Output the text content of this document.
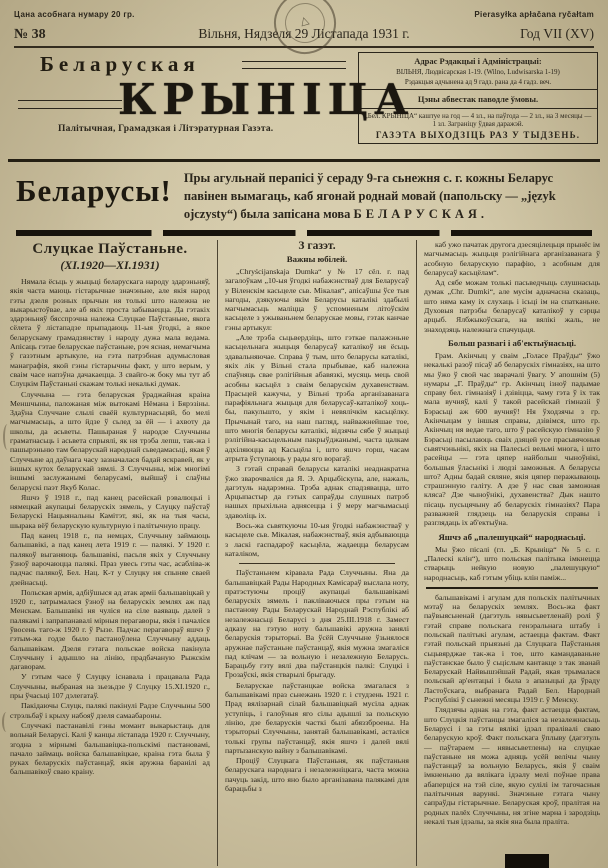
Цана асобнага нумару 20 гр.	Pierasyłka apłačana ryčałtam
№ 38	Вільня, Нядзеля 29 Лістапада 1931 г.	Год VII (XV)
△
Беларуская
КРЫНІЦА
Палітычная, Грамадзкая і Літэратурная Газэта.
Адрас Рэдакцыі і Адміністрацыі:
ВІЛЬНЯ, Людвісарская 1-19. (Wilno, Ludwisarska 1-19)
Рэдакцыя адчынена ад 9 гадз. рана да 4 гадз. веч.
Цэны абвестак паводле ўмовы.
„Бел. КРЫНІЦА“ каштуе на год — 4 зл., на паўгода — 2 зл., на 3 месяцы — 1 зл. Заграніцу ўдвая даражэй.
ГАЗЭТА ВЫХОДЗІЦЬ РАЗ У ТЫДЗЕНЬ.
Беларусы! Пры агульнай перапісі ў сераду 9-га сьнежня с. г. кожны Беларус павінен вымагаць, каб ягонай роднай мовай (папольску — „język ojczysty“) была запісана мова БЕЛАРУСКАЯ.
Слуцкае Паўстаньне.
(XI.1920—XI.1931)

Нямала ёсьць у жыцьці беларускага народу здарэньняў, якія часта маюць гістарычнае значэньне, але якія народ гэты дзеля розных прычын ня толькі што належна не выкарыстоўвае, але аб якіх проста забываецца. Да гэтакіх здарэньняў бясспрэчна належа Слуцкае Паўстаньне, якога сёлета ў лістападзе прыпадаюць 11-ыя ўгодкі, а якое беларускаму грамадзянству і народу дужа мала ведама. Апісаць гэтае беларускае паўстаньне, рэч ясная, немагчыма ў газэтным артыкуле, на гэта патрэбная адумысловая манаграфія, якой гэны гістарычны факт, у што верым, у сваім часе напэўна дачакаецца. З свайго-ж боку мы тут аб Слуцкім Паўстаньні скажам толькі некалькі думак.

Случчына — гэта беларуская ўраджайная краіна Меншчыны, паложаная між вытокамі Нёмана і Бярэзіны. Здаўна Случчане слылі сваёй культурнасьцяй, бо мелі магчымасьць, а што йдзе ў сьлед за ёй — і ахвоту да школы, да асьветы. Пашыраная ў народзе Случчыны граматнасьць і асьвета спрыялі, як ня трэба лепш, так-жа і пашырэньню там беларускай народнай сьведамасьці, якая ў Случчыне ад даўнага часу зазначалася бадай яскравей, як у іншых кутох беларускай зямлі. З Случчыны, між многімі іншымі заслужанымі беларусамі, выйшаў і слаўны беларускі паэт Якуб Колас.

Яшчэ ў 1918 г., пад канец расейскай рэвалюцыі і нямецкай акупацыі беларускіх зямель, у Слуцку паўстаў Беларускі Нацыянальны Камітэт, які, як на тыя часы, шырака вёў беларускую культурную і палітычную працу.

Пад канец 1918 г., па немцах, Случчыну займаюць бальшавікі, а пад канец лета 1919 г. — палякі. У 1920 г. палякоў выганяюць бальшавікі, пасьля якіх у Случчыну ўзноў варочаюцца палякі. Праз увесь гэты час, асабліва-ж падчас палякоў, Бел. Нац. К-т у Слуцку ня спыняе сваей дзейнасьці.

Польская армія, адбіўшыся ад атак арміі бальшавіцкай у 1920 г., затрымалася ўзноў на беларускіх землях аж пад Менскам. Бальшавікі ня чуліся на сіле ваяваць далей з палякамі і запрапанавалі мірныя перагаворы, якія і пачаліся ўвосень таго-ж 1920 г. ў Рызе. Падчас перагавораў яшчэ ў гэтым-жа годзе было пастаноўлена Случчыну аддаць бальшавікам. Дзеля гэтага польскае войска пакінула Случчыну і адышло на лінію, прадбачаную Рыжскім дагаворам.

У гэтым часе ў Слуцку існавала і працавала Рада Случчыны, выбраная на зьезьдзе ў Слуцку 15.XI.1920 г., пры ўчасьці 107 дэлегатаў.

Пакідаючы Слуцк, палякі пакінулі Радзе Случчыны 500 стрэльбаў і крыху набояў дзеля самаабароны.

Случчакі пастанавілі гэны момант выкарыстаць для вольнай Беларусі. Калі ў канцы лістапада 1920 г. Случчыну, згодна з мірнымі бальшавіцка-польскімі пастановамі, пачало займаць войска бальшавіцкае, краіна гэта была ў руках беларускіх паўстанцаў, якія аружна баранілі ад бальшавікоў сваю краіну.

З газэт.
Важны юбілей.

„Chryścijanskaja Dumka“ у № 17 сёл. г. пад загалоўкам „10-ыя ўгодкі набажэнстваў для Беларусаў у Віленскім касьцеле сьв. Мікалая“, апісаўшы ўсе тыя нагоды, дзякуючы якім Беларусы каталікі здабылі магчымасьць маліцца ў успомненым літоўскім касьцеле з ужываньнем беларускае мовы, гэтак канчае гэны артыкул:

„Але трэба сьцьвердзіць, што гэткае палажэньне касьцельнага жыцьця беларусаў каталікоў ня ёсьць здавальняючае. Справа ў тым, што беларусы каталікі, якіх лік у Вільні стала прыбывае, каб належна спаўняць свае рэлігійныя абавязкі, мусяць мець свой асобны касьцёл з сваім беларускім духавенствам. Прасьцей кажучы, у Вільні трэба арганізаванага парафіяльнага жыцьця для беларусаў-каталікоў хоць-бы, пакульшто, у якім і невялічкім касьцёлку. Прычынай таго, на наш пагляд, найважнейшае тое, што многія беларусы каталікі, відзячы сябе ў жыцьці рэлігійна-касьцельным пакрыўджанымі, часта цалкам адхіляюцца ад Касьцёла і, што яшчэ горш, часам атрыта ўступаюць у рады яго ворагаў.

З гэтай справай беларусы каталікі неаднакратна ўжо зварочваліся да Я. Э. Арцыбіскупа, але, нажаль, дагэтуль надарэмна. Трэба аднак спадзявацца, што Арцыпастыр да гэтых сапраўды слушных патрэб нашых прыхільна аднясецца і ў меру магчымасьці здаволіць іх.

Вось-жа сьвяткуючы 10-ыя ўгодкі набажэнстваў у касьцеле сьв. Мікалая, набажэнстваў, якія адбываюцца з ласкі гаспадароў касьцёла, жадаецца беларусам каталіком,

Паўстаньнем кіравала Рада Случчыны. Яна да бальшавіцкай Рады Народных Камісараў выслала ноту, пратэстуючы проціў акупацыі бальшавікамі беларускіх зямель і пакліваючыся пры гэтым на пастанову Рады Беларускай Народнай Рэспублікі аб незалежнасьці Беларусі з дня 25.III.1918 г. Замест адказу на гэтую ноту бальшавікі аружна занялі беларускія тэрыторыі. Ва ўсёй Случчыне ўзьнялося аружнае паўстаньне паўстанцаў, якія мужна змагаліся пад клічам — за вольную і незалежную Беларусь. Барацьбу гэту вялі два паўстанцкія палкі: Слуцкі і Грозаўскі, якія стварылі брыгаду.

Беларускае паўстанцкае войска змагалася з бальшавікамі праз сьнежань 1920 г. і студзень 1921 г. Прад вялізарнай сілай бальшавіцкай мусіла аднак уступіць, і галоўныя яго сілы адышлі за польскую лінію, дзе беларускія часткі былі абяззброены. На тэрыторыі Случчыны, занятай бальшавікамі, асталіся толькі групы паўстанцаў, якія яшчэ і далей вялі партызанскую вайну з бальшавікамі.

Проціў Слуцкага Паўстаньня, як паўстаньня беларускага народнага і незалежніцкага, часта можна пачуць закід, што яно было арганізавана палякамі для барацьбы з

каб ужо пачатак другога дзесяцілецьця прынёс ім магчымасьць жыцьця рэлігійнага арганізаванага ў асобную беларускую парафію, з асобным для беларусаў касьцёлам“.

Ад сябе можам толькі пасьведчыць слушнасьць думак „Chr. Dumki“, але мусім адначасна сказаць, што няма каму іх слухаць і ісьці ім на спатканьне. Духовыя патрэбы беларусаў каталікоў у сэрцы арцыб. Ялбжыкоўскага, на вялікі жаль, не знаходзяць належнага спачуцьця.

Больш развагі і аб'ектыўнасьці.

Грам. Акінчыц у сваім „Голасе Праўды“ ўжо некалькі разоў пісаў аб беларускіх гімназіях, на што мы ўжо ў свой час зварачалі ўвагу. У апошнім (5) нумары „Г. Праўды“ гр. Акінчыц ізноў падымае справу бел. гімназіяў і дзівіцца, чаму гэта ў іх так мала вучняў, калі ў такой расейскай гімназіі ў Бэрасьці аж 600 вучняў! Ня ўходзячы з гр. Акінчыцам у іншыя справы, дзівімся, што гр. Акінчыц ня ведае таго, што ў расейскую гімназію ў Бэрасьці пасылаюць сваіх дзяцей усе прасьвячоныя сьвятчэньнікі, якіх на Палесьсі вельмі многа, і што расейцы — гэта цяпер найбольш чыноўнікі, большыя ўласьнікі і людзі заможныя. А беларусы што? Адны бадай сяляне, якія цяпер перажываюць страшэнную галіту. А дзе ў нас свая заможная кляса? Дзе чыноўнікі, духавенства? Дык нашто пісаць пусьцячыну аб беларускіх гімназіях? Пара разважней глядзець на беларускія справы і разглядаць іх аб'ектыўна.

Яшчэ аб „палешуцкай“ народнасьці.

Мы ўжо пісалі (гл. „Б. Крыніца“ № 5 с. г. „Палескі клін“), што польская палітыка імкнецца стварыць нейкую новую „палешуцкую“ народнасьць, каб гэтым убіць клін паміж...

бальшавікамі і агулам для польскіх палітычных мэтаў на беларускіх землях. Вось-жа факт паўвыясьненай (дагэтуль нявысьветленай) ролі ў гэтай справе польскага генэральнага штабу і польскай палітыкі агулам, астаецца фактам. Факт гэтай польскай прыязьні да Слуцкага Паўстаньня сьцьвярджае так-жа і тое, што камандаваньне паўстанскае было ў сьціслым кантакце з так званай Беларускай Найвышэйшай Радай, якая трымалася польскай ар'ентацыі і была з апазыцыі да ўраду Ластоўскага, выбранага Радай Бел. Народнай Рэспублікі ў сьнежні месяцы 1919 г. ў Менску.

Глядзячы аднак на гэта, факт астаецца фактам, што Слуцкія паўстанцы змагаліся за незалежнасьць Беларусі і за гэты вялікі ідэал пралівалі сваю беларускую кроў. Факт польскага ўплыву (дагэтуль — паўтараем — нявысьветлены) на слуцкае паўстаньне ня можа адняць усёй велічы чыну паўстанцаў за вольную Беларусь, якія ў сваім імкненьню да вялікага ідэалу мелі поўнае права абаперціся на тэй сіле, якую сулілі ім тагочасныя палітычныя варункі. Значэньне гэтага чыну сапраўды гістарычнае. Беларуская кроў, пралітая на родных палёх Случчыны, ня згіне марна і зародзіць некалі тыя ідэалы, за якія яна была праліта.
